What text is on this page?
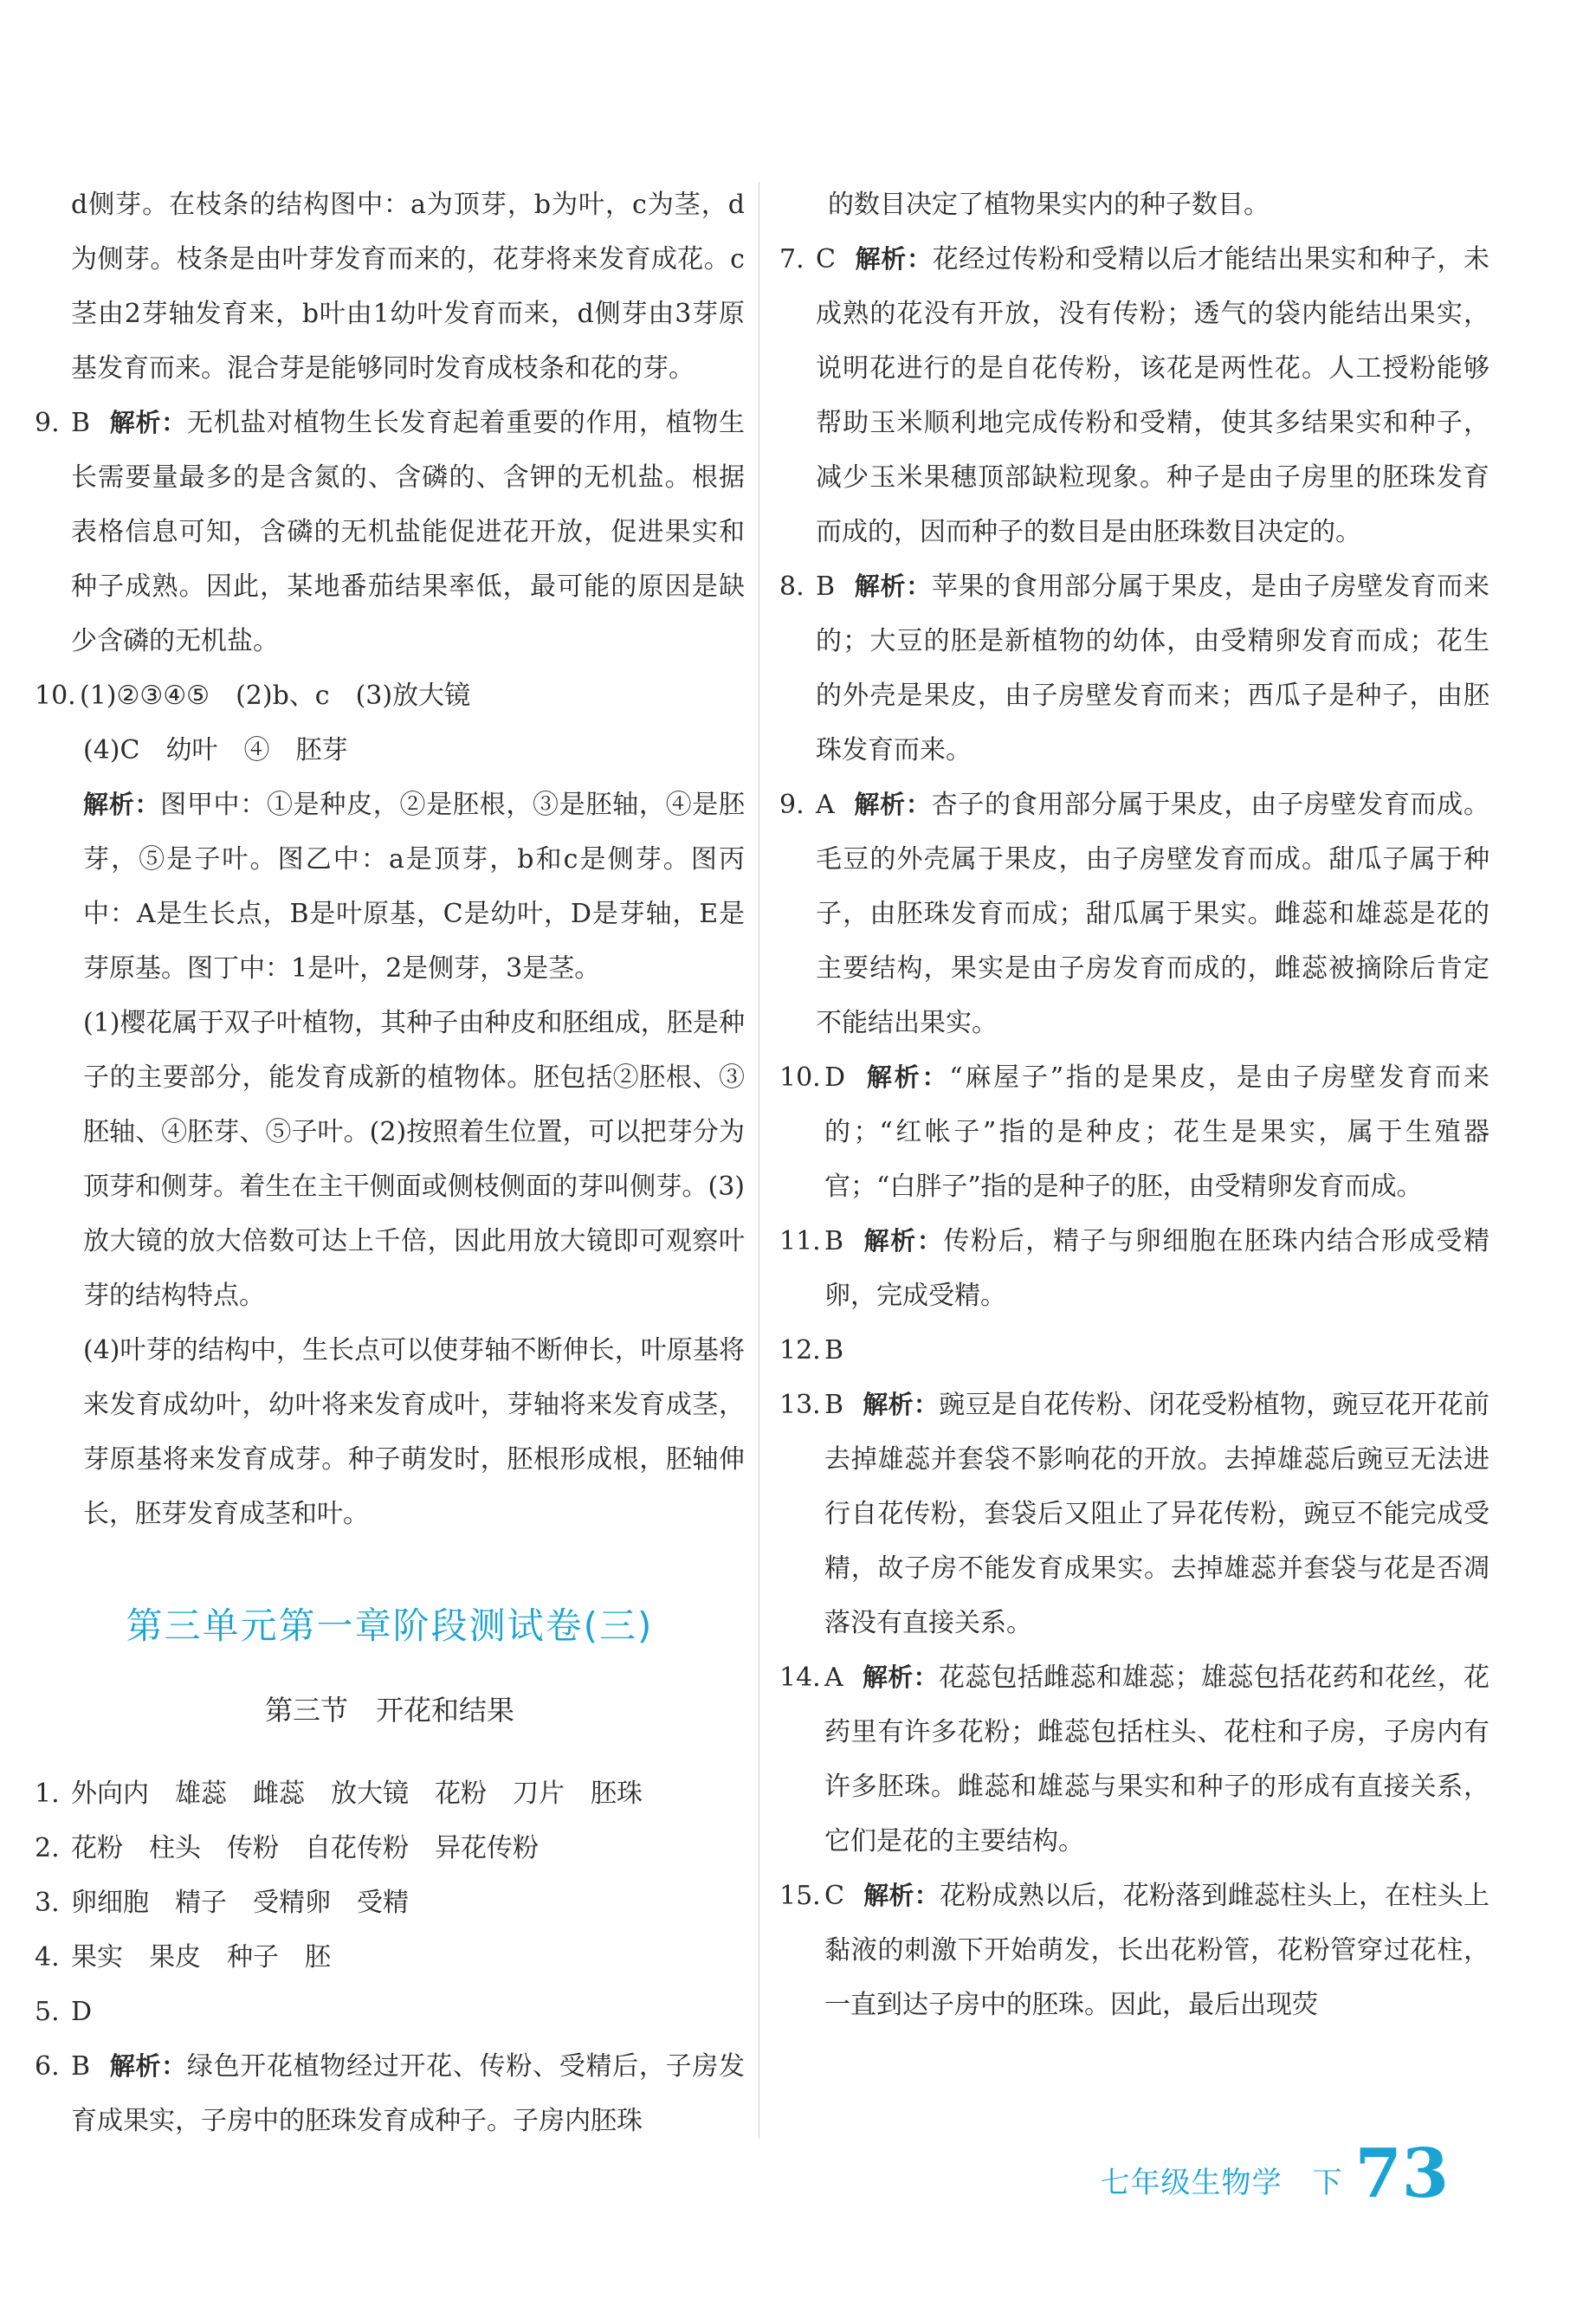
d侧芽。在枝条的结构图中：a为顶芽，b为叶，c为茎，d为侧芽。枝条是由叶芽发育而来的，花芽将来发育成花。c茎由2芽轴发育来，b叶由1幼叶发育而来，d侧芽由3芽原基发育而来。混合芽是能够同时发育成枝条和花的芽。
9. B 解析：无机盐对植物生长发育起着重要的作用，植物生长需要量最多的是含氮的、含磷的、含钾的无机盐。根据表格信息可知，含磷的无机盐能促进花开放，促进果实和种子成熟。因此，某地番茄结果率低，最可能的原因是缺少含磷的无机盐。
10. (1)②③④⑤　(2)b、c　(3)放大镜
(4)C　幼叶　④　胚芽
解析：图甲中：①是种皮，②是胚根，③是胚轴，④是胚芽，⑤是子叶。图乙中：a是顶芽，b和c是侧芽。图丙中：A是生长点，B是叶原基，C是幼叶，D是芽轴，E是芽原基。图丁中：1是叶，2是侧芽，3是茎。
(1)樱花属于双子叶植物，其种子由种皮和胚组成，胚是种子的主要部分，能发育成新的植物体。胚包括②胚根、③胚轴、④胚芽、⑤子叶。(2)按照着生位置，可以把芽分为顶芽和侧芽。着生在主干侧面或侧枝侧面的芽叫侧芽。(3)放大镜的放大倍数可达上千倍，因此用放大镜即可观察叶芽的结构特点。
(4)叶芽的结构中，生长点可以使芽轴不断伸长，叶原基将来发育成幼叶，幼叶将来发育成叶，芽轴将来发育成茎，芽原基将来发育成芽。种子萌发时，胚根形成根，胚轴伸长，胚芽发育成茎和叶。
第三单元第一章阶段测试卷(三)
第三节　开花和结果
1. 外向内　雄蕊　雌蕊　放大镜　花粉　刀片　胚珠
2. 花粉　柱头　传粉　自花传粉　异花传粉
3. 卵细胞　精子　受精卵　受精
4. 果实　果皮　种子　胚
5. D
6. B 解析：绿色开花植物经过开花、传粉、受精后，子房发育成果实，子房中的胚珠发育成种子。子房内胚珠
的数目决定了植物果实内的种子数目。
7. C 解析：花经过传粉和受精以后才能结出果实和种子，未成熟的花没有开放，没有传粉；透气的袋内能结出果实，说明花进行的是自花传粉，该花是两性花。人工授粉能够帮助玉米顺利地完成传粉和受精，使其多结果实和种子，减少玉米果穗顶部缺粒现象。种子是由子房里的胚珠发育而成的，因而种子的数目是由胚珠数目决定的。
8. B 解析：苹果的食用部分属于果皮，是由子房壁发育而来的；大豆的胚是新植物的幼体，由受精卵发育而成；花生的外壳是果皮，由子房壁发育而来；西瓜子是种子，由胚珠发育而来。
9. A 解析：杏子的食用部分属于果皮，由子房壁发育而成。毛豆的外壳属于果皮，由子房壁发育而成。甜瓜子属于种子，由胚珠发育而成；甜瓜属于果实。雌蕊和雄蕊是花的主要结构，果实是由子房发育而成的，雌蕊被摘除后肯定不能结出果实。
10. D 解析：“麻屋子”指的是果皮，是由子房壁发育而来的；“红帐子”指的是种皮；花生是果实，属于生殖器官；“白胖子”指的是种子的胚，由受精卵发育而成。
11. B 解析：传粉后，精子与卵细胞在胚珠内结合形成受精卵，完成受精。
12. B
13. B 解析：豌豆是自花传粉、闭花受粉植物，豌豆花开花前去掉雄蕊并套袋不影响花的开放。去掉雄蕊后豌豆无法进行自花传粉，套袋后又阻止了异花传粉，豌豆不能完成受精，故子房不能发育成果实。去掉雄蕊并套袋与花是否凋落没有直接关系。
14. A 解析：花蕊包括雌蕊和雄蕊；雄蕊包括花药和花丝，花药里有许多花粉；雌蕊包括柱头、花柱和子房，子房内有许多胚珠。雌蕊和雄蕊与果实和种子的形成有直接关系，它们是花的主要结构。
15. C 解析：花粉成熟以后，花粉落到雌蕊柱头上，在柱头上黏液的刺激下开始萌发，长出花粉管，花粉管穿过花柱，一直到达子房中的胚珠。因此，最后出现荧
七年级生物学　下 73
